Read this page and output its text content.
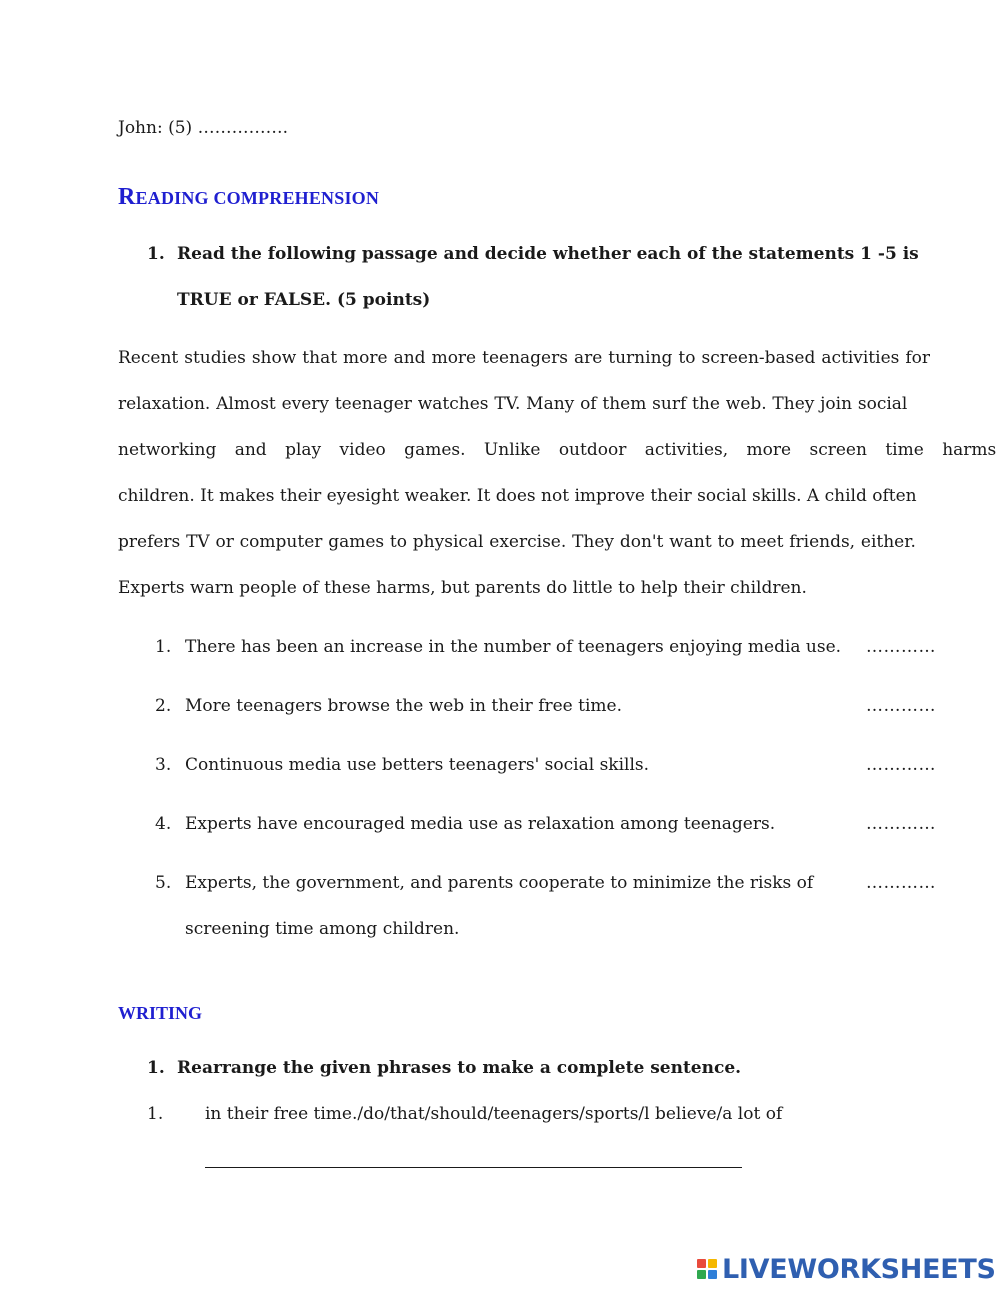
John: (5) …………….
READING COMPREHENSION
1. Read the following passage and decide whether each of the statements 1 -5 is
TRUE or FALSE. (5 points)
Recent studies show that more and more teenagers are turning to screen-based activities for
relaxation. Almost every teenager watches TV. Many of them surf the web. They join social
networking and play video games. Unlike outdoor activities, more screen time harms
children. It makes their eyesight weaker. It does not improve their social skills. A child often
prefers TV or computer games to physical exercise. They don't want to meet friends, either.
Experts warn people of these harms, but parents do little to help their children.
1. There has been an increase in the number of teenagers enjoying media use. …………
2. More teenagers browse the web in their free time.	…………
3. Continuous media use betters teenagers' social skills.	…………
4. Experts have encouraged media use as relaxation among teenagers.	…………
5. Experts, the government, and parents cooperate to minimize the risks of
screening time among children.
…………
WRITING
1. Rearrange the given phrases to make a complete sentence.
1. in their free time./do/that/should/teenagers/sports/l believe/a lot of
LIVEWORKSHEETS
